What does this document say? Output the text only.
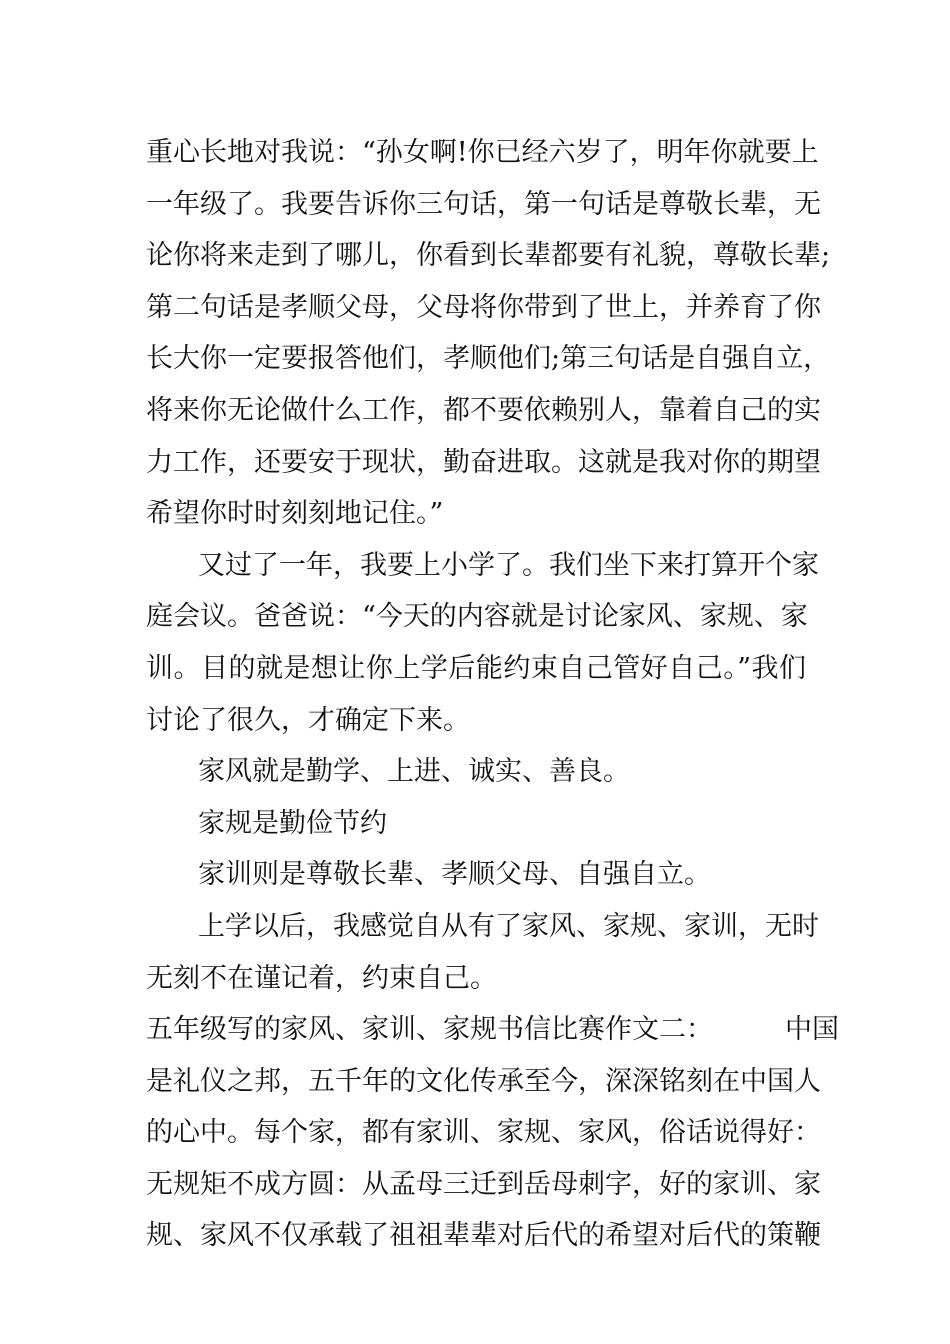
重心长地对我说：“孙女啊!你已经六岁了，明年你就要上
一年级了。我要告诉你三句话，第一句话是尊敬长辈，无
论你将来走到了哪儿，你看到长辈都要有礼貌，尊敬长辈;
第二句话是孝顺父母，父母将你带到了世上，并养育了你
长大你一定要报答他们，孝顺他们;第三句话是自强自立，
将来你无论做什么工作，都不要依赖别人，靠着自己的实
力工作，还要安于现状，勤奋进取。这就是我对你的期望
希望你时时刻刻地记住。”
又过了一年，我要上小学了。我们坐下来打算开个家
庭会议。爸爸说：“今天的内容就是讨论家风、家规、家
训。目的就是想让你上学后能约束自己管好自己。”我们
讨论了很久，才确定下来。
家风就是勤学、上进、诚实、善良。
家规是勤俭节约
家训则是尊敬长辈、孝顺父母、自强自立。
上学以后，我感觉自从有了家风、家规、家训，无时
无刻不在谨记着，约束自己。
五年级写的家风、家训、家规书信比赛作文二：	中国
是礼仪之邦，五千年的文化传承至今，深深铭刻在中国人
的心中。每个家，都有家训、家规、家风，俗话说得好：
无规矩不成方圆：从孟母三迁到岳母刺字，好的家训、家
规、家风不仅承载了祖祖辈辈对后代的希望对后代的策鞭
